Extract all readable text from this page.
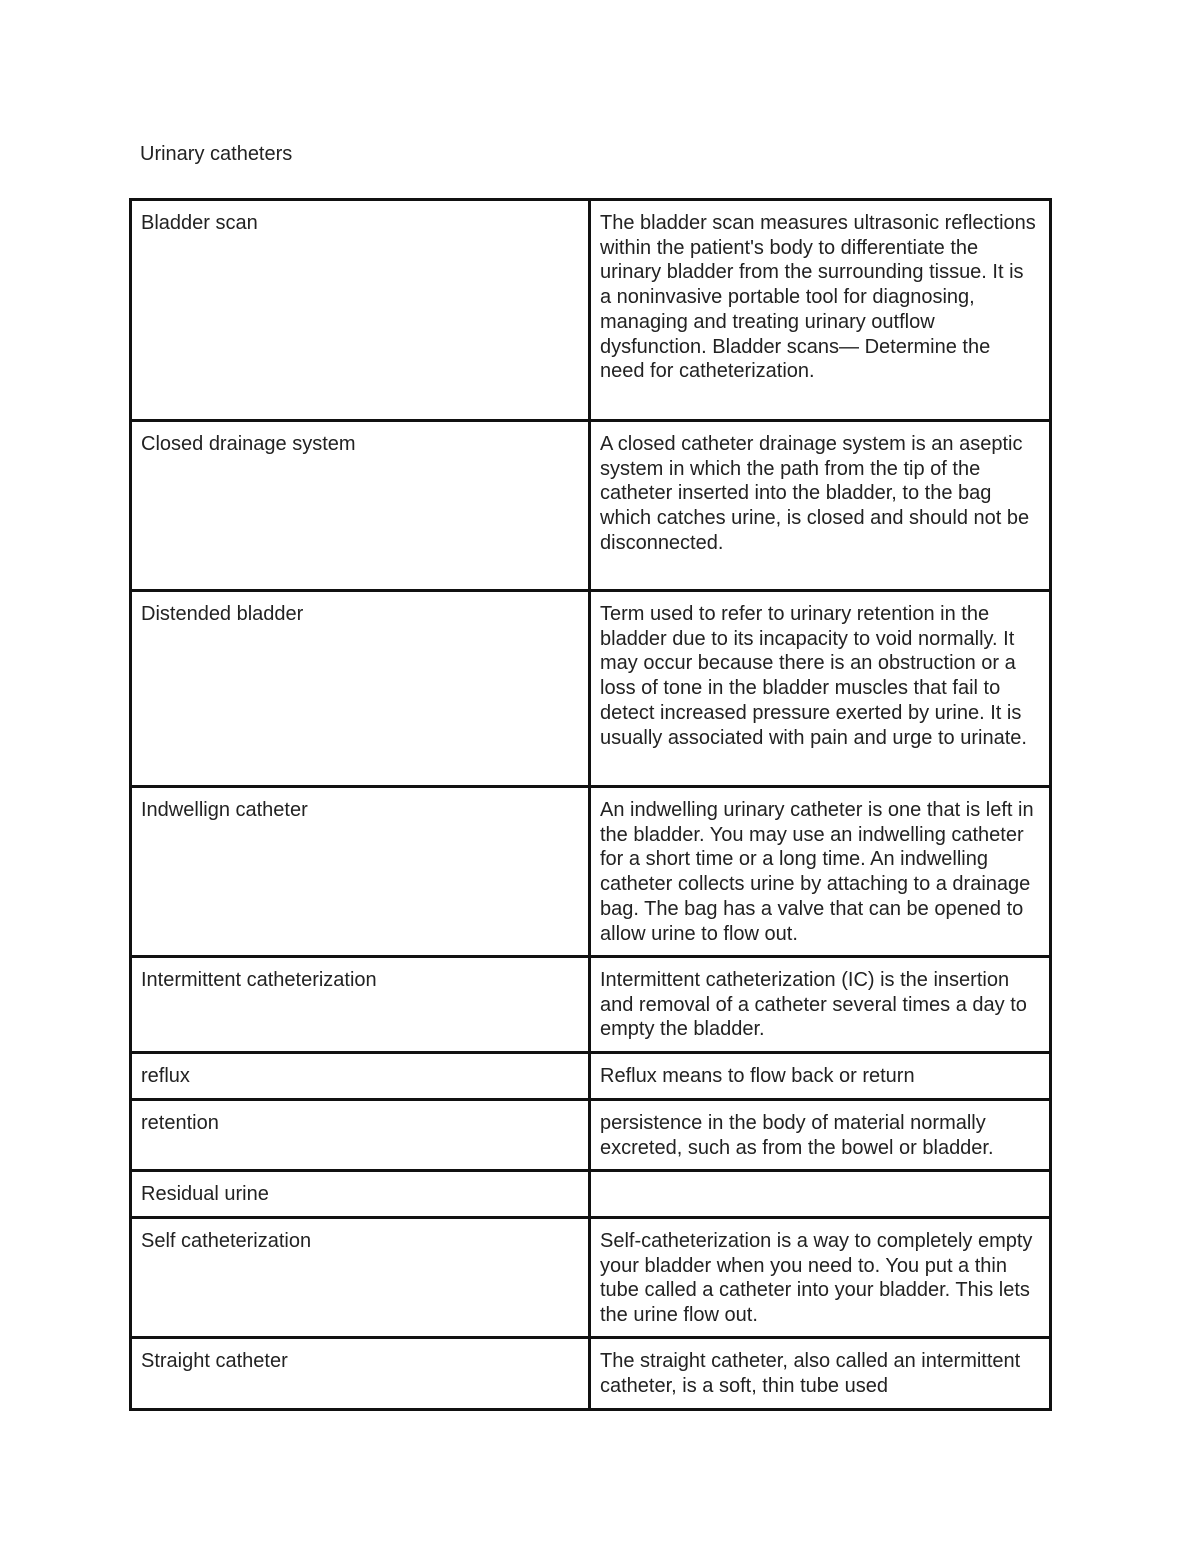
Urinary catheters
Bladder scan	The bladder scan measures ultrasonic reflections within the patient's body to differentiate the urinary bladder from the surrounding tissue. It is a noninvasive portable tool for diagnosing, managing and treating urinary outflow dysfunction. Bladder scans— Determine the need for catheterization.
Closed drainage system	A closed catheter drainage system is an aseptic system in which the path from the tip of the catheter inserted into the bladder, to the bag which catches urine, is closed and should not be disconnected.
Distended bladder	Term used to refer to urinary retention in the bladder due to its incapacity to void normally. It may occur because there is an obstruction or a loss of tone in the bladder muscles that fail to detect increased pressure exerted by urine. It is usually associated with pain and urge to urinate.
Indwellign catheter	An indwelling urinary catheter is one that is left in the bladder. You may use an indwelling catheter for a short time or a long time. An indwelling catheter collects urine by attaching to a drainage bag. The bag has a valve that can be opened to allow urine to flow out.
Intermittent catheterization	Intermittent catheterization (IC) is the insertion and removal of a catheter several times a day to empty the bladder.
reflux	Reflux means to flow back or return
retention	persistence in the body of material normally excreted, such as from the bowel or bladder.
Residual urine	
Self catheterization	Self-catheterization is a way to completely empty your bladder when you need to. You put a thin tube called a catheter into your bladder. This lets the urine flow out.
Straight catheter	The straight catheter, also called an intermittent catheter, is a soft, thin tube used
